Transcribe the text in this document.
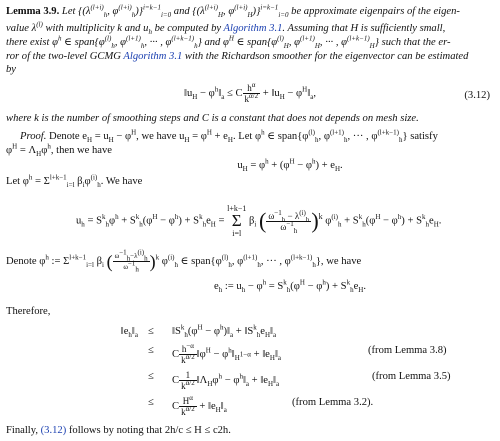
Lemma 3.9. Let {($\lambda^{(l+i)}_h$, $\varphi^{(l+i)}_h)\}^{i=k-1}_{i=0}$ and {($\lambda^{(l+i)}_H$, $\varphi^{(l+i)}_H)\}^{i=k-1}_{i=0}$ be approximate eigenpairs of the eigen-
value $\lambda^{(l)}$ with multiplicity k and $u_h$ be computed by Algorithm 3.1. Assuming that H is sufficiently small,
there exist $\varphi^h$ ∈ $span\{\varphi^{(l)}_h$, $\varphi^{(l+1)}_h$, ··· , $\varphi^{(l+k-1)}_h$} and $\varphi^H$ ∈ $span\{\varphi^{(l)}_H$, $\varphi^{(l+1)}_H$, ··· , $\varphi^{(l+k-1)}_H$} such that the er-
ror of the two-level GCMG Algorithm 3.1 with the Richardson smoother for the eigenvector can be estimated
by
$‖u_H$ − $\varphi^h‖_a \le C \frac{h^\alpha}{k^{\alpha/2}}$ + $‖u_H$ − $\varphi^H‖_a$,	(3.12)
where k is the number of smoothing steps and C is a constant that does not depends on mesh size.
Proof. Denote $e_H = u_H - \varphi^H$, we have $u_H = \varphi^H + e_H$. Let $\varphi^h$ ∈ $span\{\varphi^{(l)}_h$, $\varphi^{(l+1)}_h$, ··· , $\varphi^{(l+k-1)}_h$} satisfy
$\varphi^H = \Lambda_H\varphi^h$, then we have
$u_H = \varphi^h + (\varphi^H - \varphi^h) + e_H$.
Let $\varphi^h = \Sigma^{l+k-1}_{i=l}$ $\beta_i\varphi^{(i)}_h$. We have
$u_h = S^k_h\varphi^h + S^k_h(\varphi^H - \varphi^h) + S^k_he_H = l+k-1$
Σ
i=l $\beta_i$ ( $\frac{\omega^{-1}_h - \lambda^{(i)}_h}{\omega^{-1}_h} )^k$ $\varphi^{(i)}_h + S^k_h(\varphi^H - \varphi^h) + S^k_he_H$.
Denote $\varphi^h$ := $\Sigma^{l+k-1}_{i=l}$ $\beta_i$ ( $\frac{\omega^{-1}_h-\lambda^{(i)}_h}{\omega^{-1}_h} )^k$ $\varphi^{(i)}_h$ ∈ $span\{\varphi^{(l)}_h$, $\varphi^{(l+1)}_h$, ··· , $\varphi^{(l+k-1)}_h$}, we have
$e_h$ := $u_h - \varphi^h = S^k_h(\varphi^H - \varphi^h) + S^k_he_H$.
Therefore,
$‖e_h‖_a$ ≤ $‖S^k_h(\varphi^H$ − $\varphi^h)‖_a$ + $‖S^k_he_H‖_a$
≤ C $\frac{h^{-\alpha}}{k^{\alpha/2}}$ $‖\varphi^H$ − $\varphi^h‖_{H^{1-\alpha}}$ + $‖e_H‖_a$
(from Lemma 3.8)
≤ C $\frac{1}{k^{\alpha/2}}$ $‖\Lambda_H\varphi^h$ − $\varphi^h‖_a$ + $‖e_H‖_a$
(from Lemma 3.5)
≤ C $\frac{H^\alpha}{k^{\alpha/2}}$ + $‖e_H‖_a$
(from Lemma 3.2).
Finally, (3.12) follows by noting that 2h/c ≤ H ≤ c2h.
